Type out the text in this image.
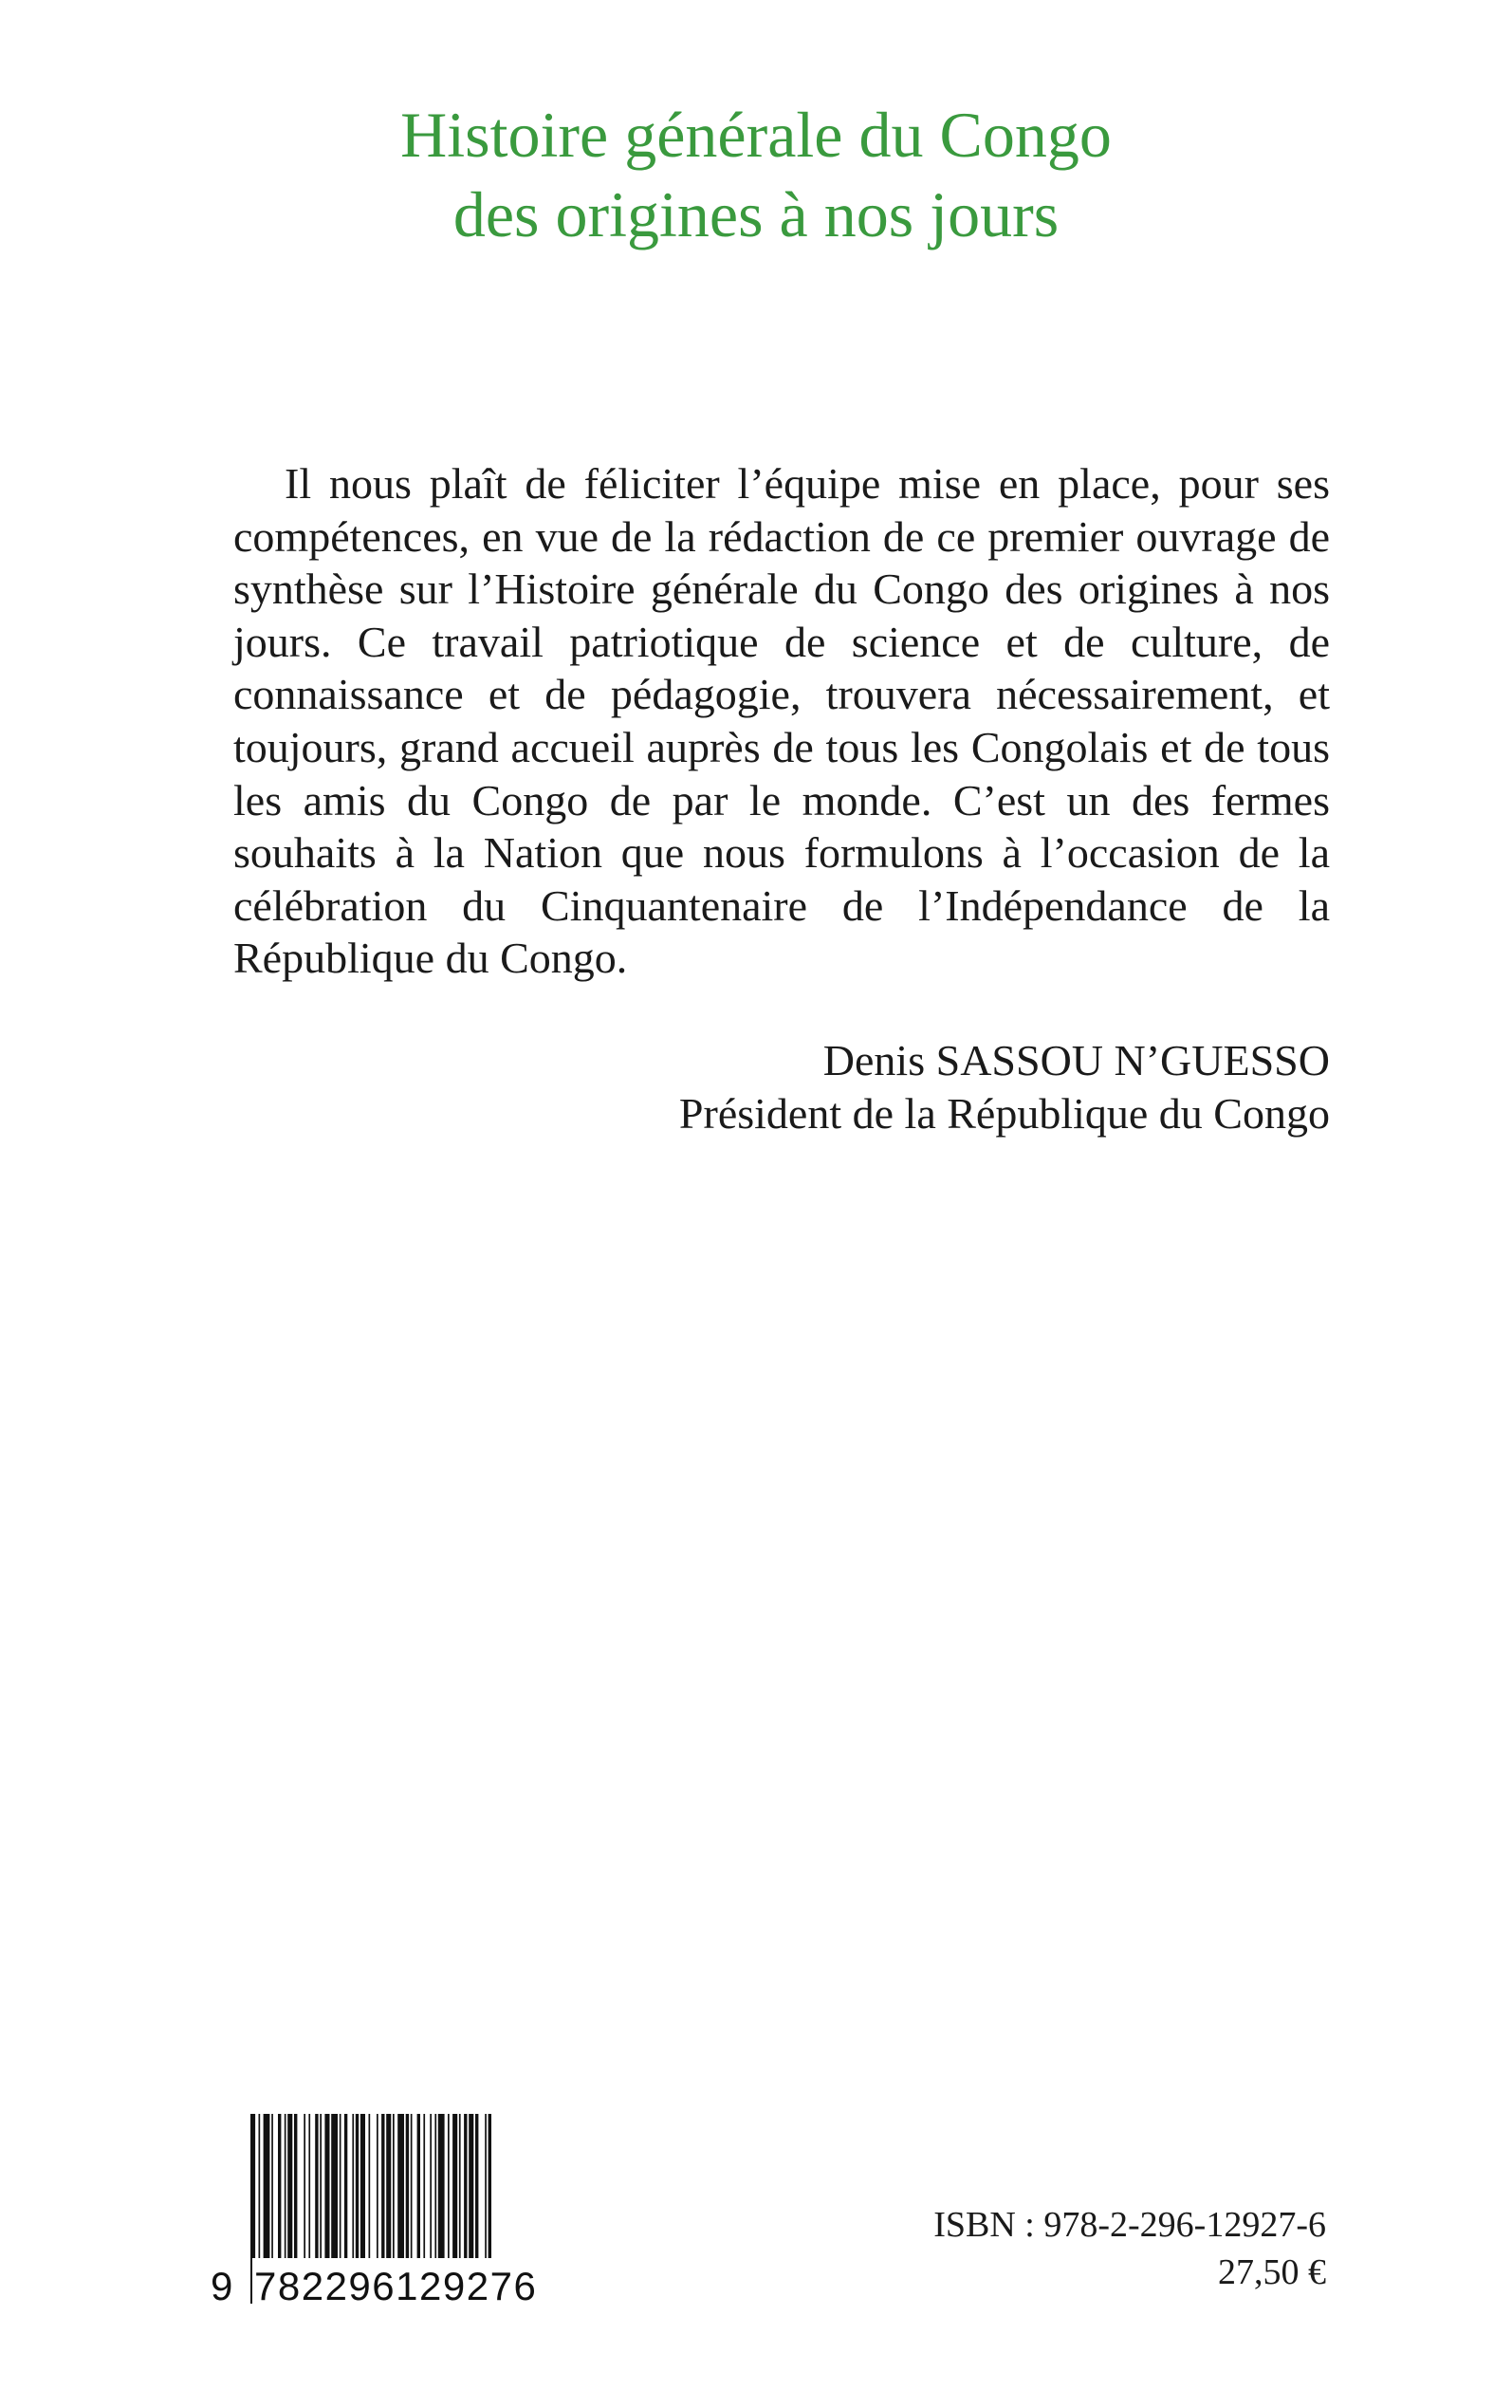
Histoire générale du Congo
des origines à nos jours

Il nous plaît de féliciter l’équipe mise en place, pour ses compétences, en vue de la rédaction de ce premier ouvrage de synthèse sur l’Histoire générale du Congo des origines à nos jours. Ce travail patriotique de science et de culture, de connaissance et de pédagogie, trouvera nécessairement, et toujours, grand accueil auprès de tous les Congolais et de tous les amis du Congo de par le monde. C’est un des fermes souhaits à la Nation que nous formulons à l’occasion de la célébration du Cinquantenaire de l’Indépendance de la République du Congo.

Denis SASSOU N’GUESSO
Président de la République du Congo
9 782296129276
ISBN : 978-2-296-12927-6
27,50 €
